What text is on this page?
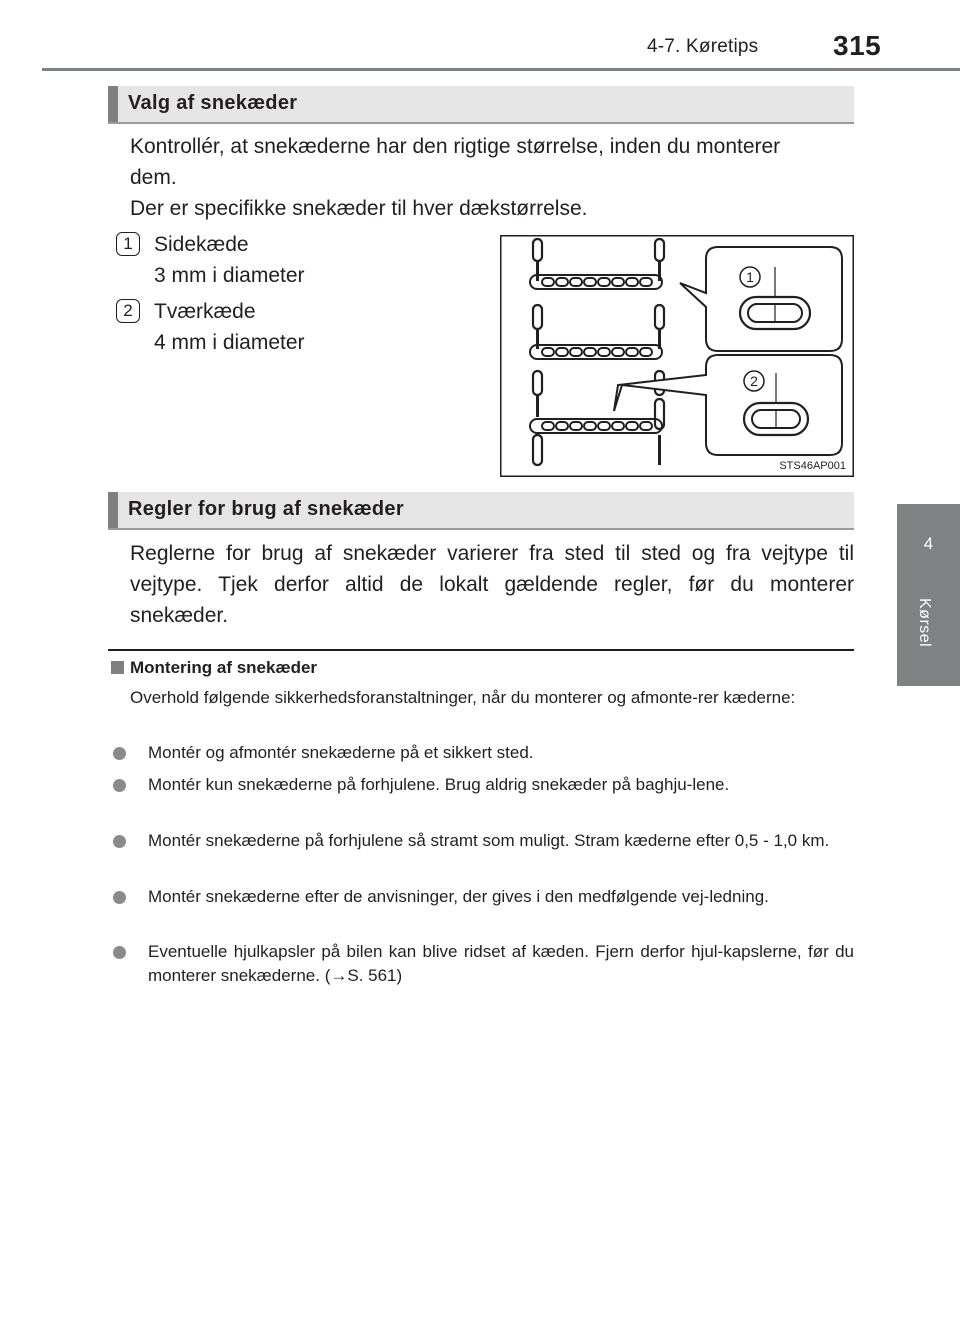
4-7. Køretips	315
4
Kørsel
Valg af snekæder
Kontrollér, at snekæderne har den rigtige størrelse, inden du monterer
dem.
Der er specifikke snekæder til hver dækstørrelse.
1	Sidekæde
3 mm i diameter
2	Tværkæde
4 mm i diameter
1
2
STS46AP001
Regler for brug af snekæder
Reglerne for brug af snekæder varierer fra sted til sted og fra vejtype til vejtype. Tjek derfor altid de lokalt gældende regler, før du monterer snekæder.
Montering af snekæder
Overhold følgende sikkerhedsforanstaltninger, når du monterer og afmonte-rer kæderne:
Montér og afmontér snekæderne på et sikkert sted.
Montér kun snekæderne på forhjulene. Brug aldrig snekæder på baghju-lene.
Montér snekæderne på forhjulene så stramt som muligt. Stram kæderne efter 0,5 - 1,0 km.
Montér snekæderne efter de anvisninger, der gives i den medfølgende vej-ledning.
Eventuelle hjulkapsler på bilen kan blive ridset af kæden. Fjern derfor hjul-kapslerne, før du monterer snekæderne. (→S. 561)
